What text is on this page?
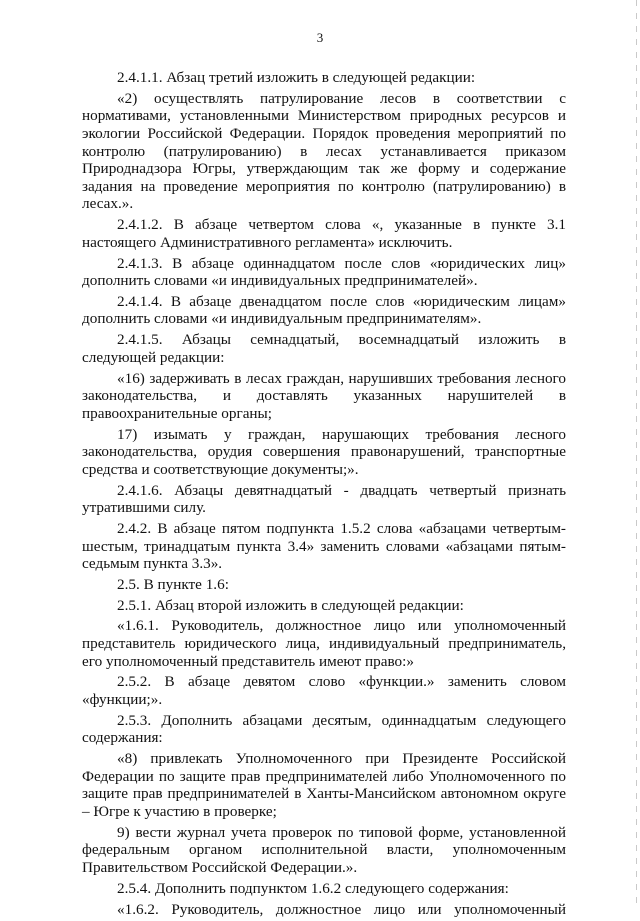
3

2.4.1.1. Абзац третий изложить в следующей редакции:

«2) осуществлять патрулирование лесов в соответствии с нормативами, установленными Министерством природных ресурсов и экологии Российской Федерации. Порядок проведения мероприятий по контролю (патрулированию) в лесах устанавливается приказом Природнадзора Югры, утверждающим так же форму и содержание задания на проведение мероприятия по контролю (патрулированию) в лесах.».

2.4.1.2. В абзаце четвертом слова «, указанные в пункте 3.1 настоящего Административного регламента» исключить.

2.4.1.3. В абзаце одиннадцатом после слов «юридических лиц» дополнить словами «и индивидуальных предпринимателей».

2.4.1.4. В абзаце двенадцатом после слов «юридическим лицам» дополнить словами «и индивидуальным предпринимателям».

2.4.1.5. Абзацы семнадцатый, восемнадцатый изложить в следующей редакции:

«16) задерживать в лесах граждан, нарушивших требования лесного законодательства, и доставлять указанных нарушителей в правоохранительные органы;

17) изымать у граждан, нарушающих требования лесного законодательства, орудия совершения правонарушений, транспортные средства и соответствующие документы;».

2.4.1.6. Абзацы девятнадцатый - двадцать четвертый признать утратившими силу.

2.4.2. В абзаце пятом подпункта 1.5.2 слова «абзацами четвертым-шестым, тринадцатым пункта 3.4» заменить словами «абзацами пятым-седьмым пункта 3.3».

2.5. В пункте 1.6:

2.5.1. Абзац второй изложить в следующей редакции:

«1.6.1. Руководитель, должностное лицо или уполномоченный представитель юридического лица, индивидуальный предприниматель, его уполномоченный представитель имеют право:»

2.5.2. В абзаце девятом слово «функции.» заменить словом «функции;».

2.5.3. Дополнить абзацами десятым, одиннадцатым следующего содержания:

«8) привлекать Уполномоченного при Президенте Российской Федерации по защите прав предпринимателей либо Уполномоченного по защите прав предпринимателей в Ханты-Мансийском автономном округе – Югре к участию в проверке;

9) вести журнал учета проверок по типовой форме, установленной федеральным органом исполнительной власти, уполномоченным Правительством Российской Федерации.».

2.5.4. Дополнить подпунктом 1.6.2 следующего содержания:

«1.6.2. Руководитель, должностное лицо или уполномоченный
